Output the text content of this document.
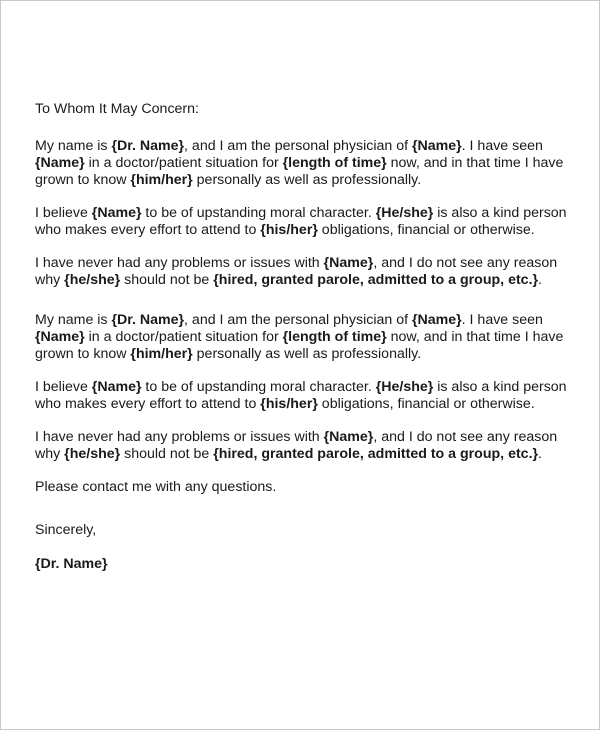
To Whom It May Concern:

My name is {Dr. Name}, and I am the personal physician of {Name}. I have seen
{Name} in a doctor/patient situation for {length of time} now, and in that time I have grown to know {him/her} personally as well as professionally.

I believe {Name} to be of upstanding moral character. {He/she} is also a kind person who makes every effort to attend to {his/her} obligations, financial or otherwise.

I have never had any problems or issues with {Name}, and I do not see any reason why {he/she} should not be {hired, granted parole, admitted to a group, etc.}.

My name is {Dr. Name}, and I am the personal physician of {Name}. I have seen
{Name} in a doctor/patient situation for {length of time} now, and in that time I have grown to know {him/her} personally as well as professionally.

I believe {Name} to be of upstanding moral character. {He/she} is also a kind person who makes every effort to attend to {his/her} obligations, financial or otherwise.

I have never had any problems or issues with {Name}, and I do not see any reason why {he/she} should not be {hired, granted parole, admitted to a group, etc.}.

Please contact me with any questions.

Sincerely,

{Dr. Name}
